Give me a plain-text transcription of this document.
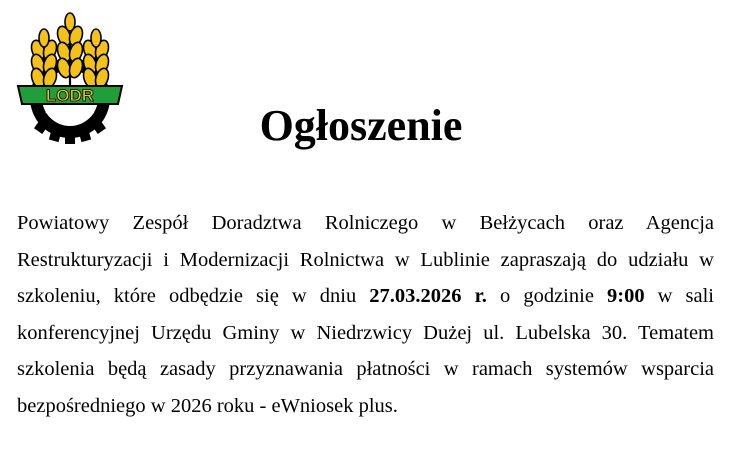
LODR
KOŃSKOWOLA	Ogłoszenie

Powiatowy Zespół Doradztwa Rolniczego w Bełżycach oraz Agencja Restrukturyzacji i Modernizacji Rolnictwa w Lublinie zapraszają do udziału w szkoleniu, które odbędzie się w dniu 27.03.2026 r. o godzinie 9:00 w sali konferencyjnej Urzędu Gminy w Niedrzwicy Dużej ul. Lubelska 30. Tematem szkolenia będą zasady przyznawania płatności w ramach systemów wsparcia bezpośredniego w 2026 roku - eWniosek plus.
